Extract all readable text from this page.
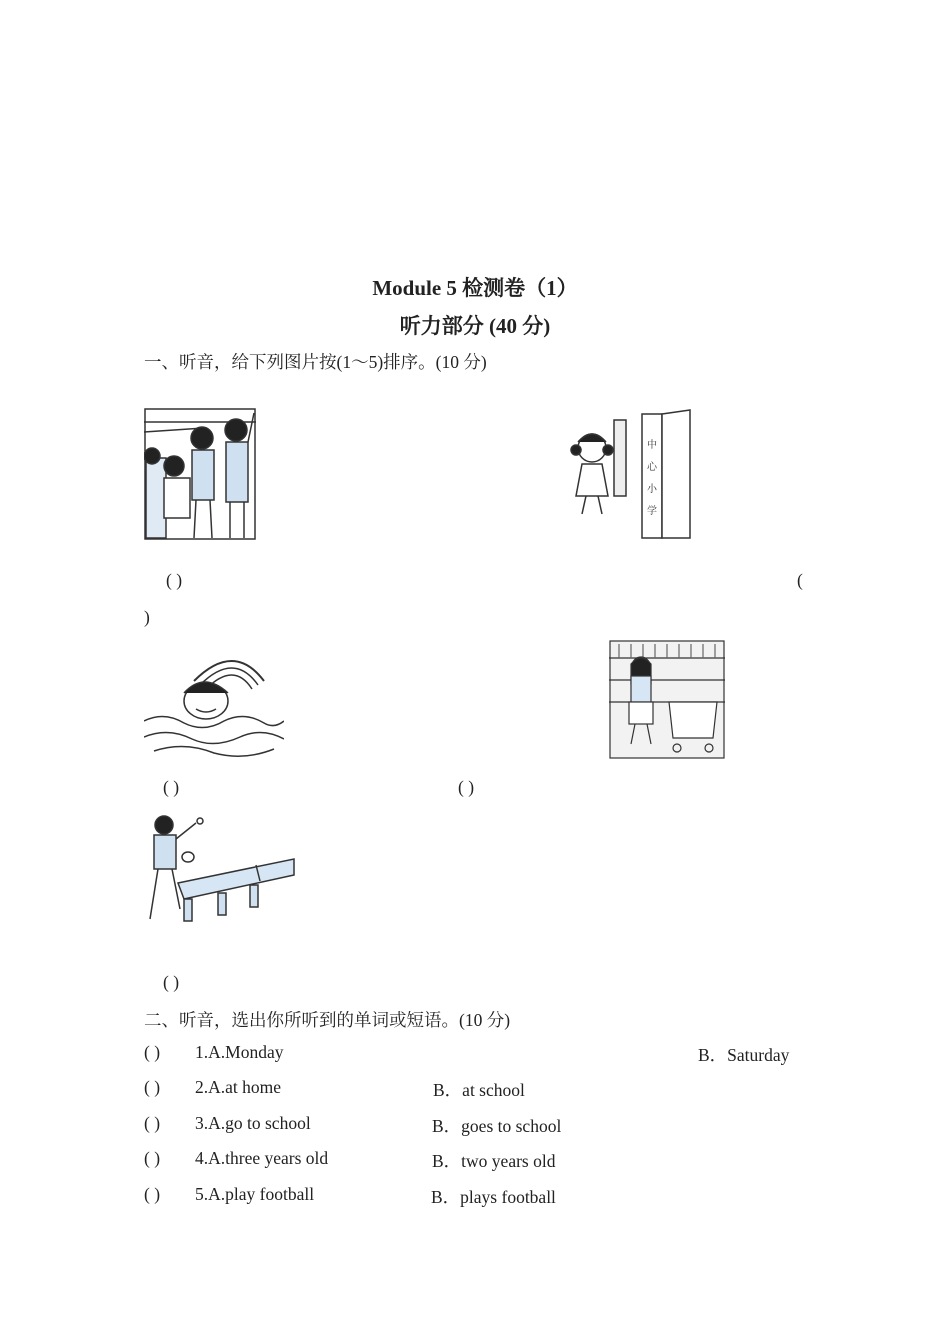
Module 5 检测卷（1）
听力部分 (40 分)
一、听音，给下列图片按(1～5)排序。(10 分)
中
心
小
学
( )	(
)
( )	( )
( )
二、听音，选出你所听到的单词或短语。(10 分)
( ) 1.A.Monday	B．Saturday
( ) 2.A.at home	B．at school
( ) 3.A.go to school	B．goes to school
( ) 4.A.three years old	B．two years old
( ) 5.A.play football	B．plays football
